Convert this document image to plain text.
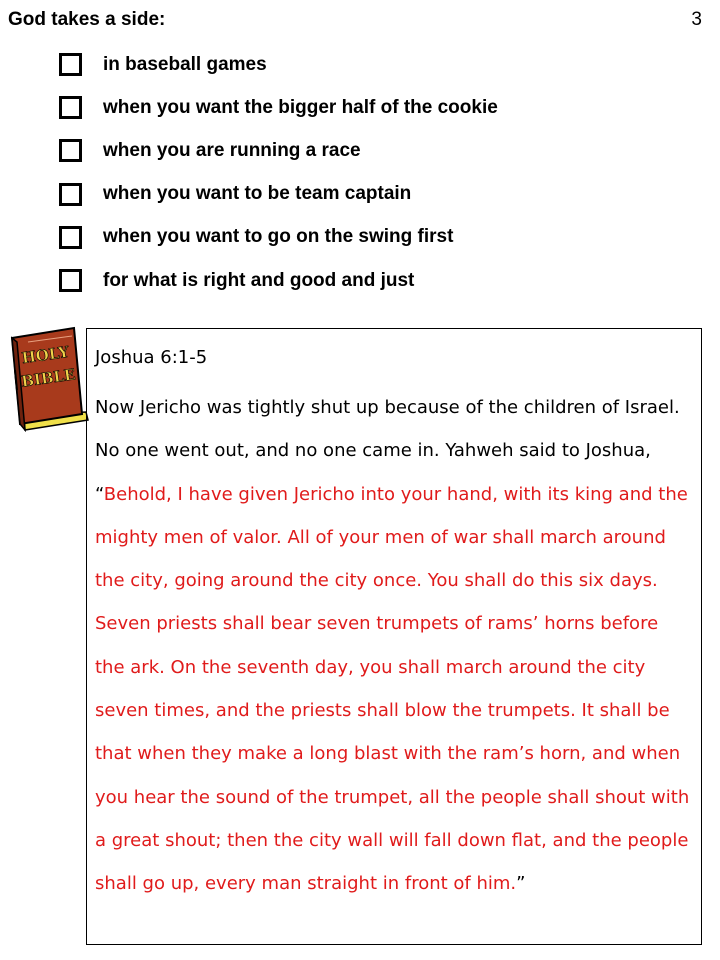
God takes a side:	3
in baseball games
when you want the bigger half of the cookie
when you are running a race
when you want to be team captain
when you want to go on the swing first
for what is right and good and just
HOLY
BIBLE
Joshua 6:1-5

Now Jericho was tightly shut up because of the children of Israel. No one went out, and no one came in. Yahweh said to Joshua, “Behold, I have given Jericho into your hand, with its king and the mighty men of valor. All of your men of war shall march around the city, going around the city once. You shall do this six days. Seven priests shall bear seven trumpets of rams’ horns before the ark. On the seventh day, you shall march around the city seven times, and the priests shall blow the trumpets. It shall be that when they make a long blast with the ram’s horn, and when you hear the sound of the trumpet, all the people shall shout with a great shout; then the city wall will fall down flat, and the people shall go up, every man straight in front of him.”
